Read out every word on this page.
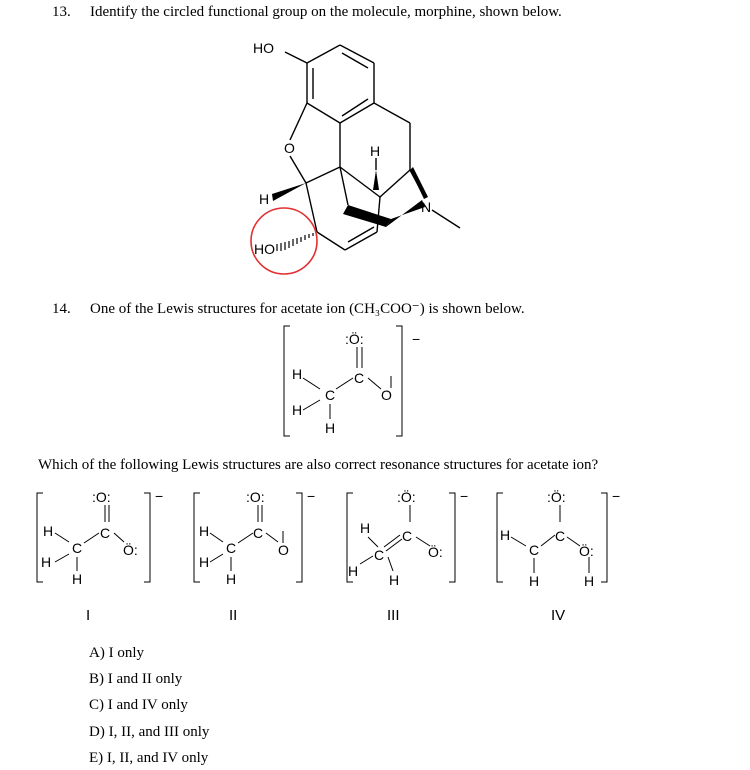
13. Identify the circled functional group on the molecule, morphine, shown below.
HO
O	H
H	N
HO
14. One of the Lewis structures for acetate ion (CH₃COO⁻) is shown below.
:Ö:
C
C	O
H
H
H
−
Which of the following Lewis structures are also correct resonance structures for acetate ion?
:O:
C
C	Ö:
H
H
H
−	:O:
C
C	O
H
H
H
−	:Ö:
C
C	Ö:
H
H
H
−	:Ö:
C
C	Ö:
H
H	H
−
I	II	III	IV
A) I only
B) I and II only
C) I and IV only
D) I, II, and III only
E) I, II, and IV only
